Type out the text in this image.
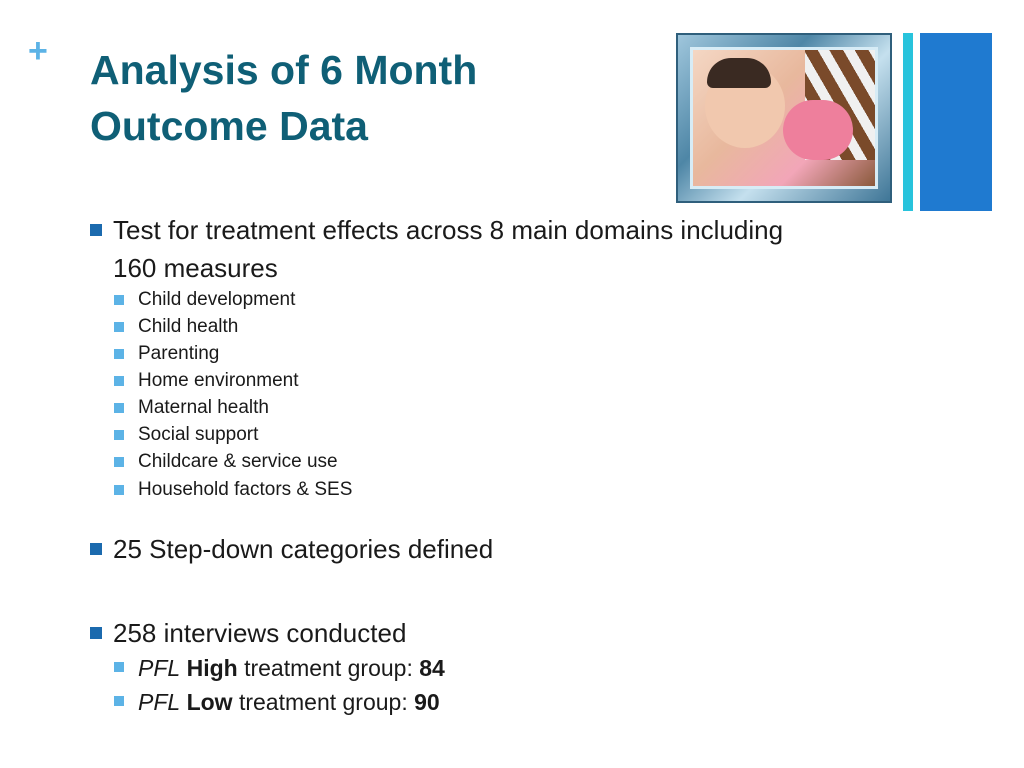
+ Analysis of 6 Month
Outcome Data
Test for treatment effects across 8 main domains including
160 measures
Child development
Child health
Parenting
Home environment
Maternal health
Social support
Childcare & service use
Household factors & SES
25 Step-down categories defined
258 interviews conducted
PFL High treatment group: 84
PFL Low treatment group: 90
